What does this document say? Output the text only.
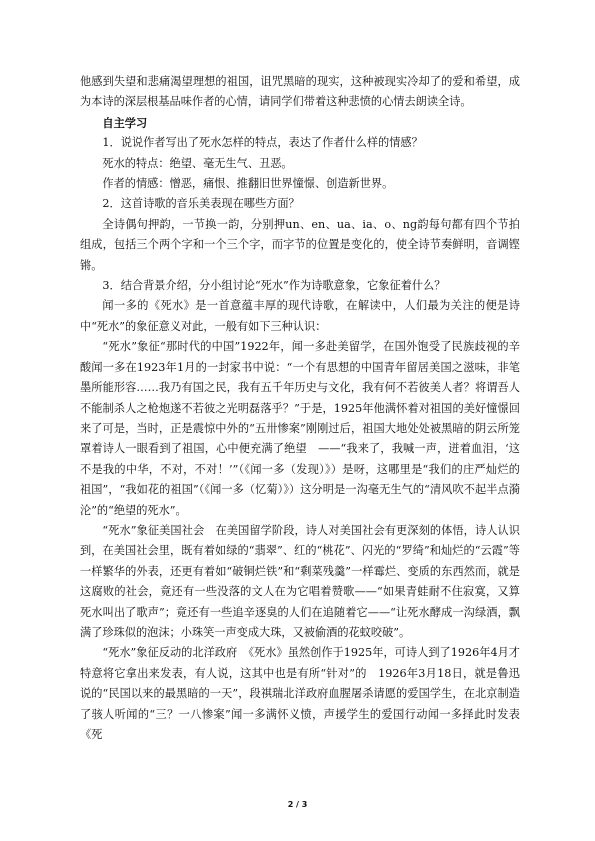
他感到失望和悲痛渴望理想的祖国，诅咒黑暗的现实，这种被现实冷却了的爱和希望，成为本诗的深层根基品味作者的心情，请同学们带着这种悲愤的心情去朗读全诗。

自主学习

1．说说作者写出了死水怎样的特点，表达了作者什么样的情感？

死水的特点：绝望、毫无生气、丑恶。

作者的情感：憎恶，痛恨、推翻旧世界憧憬、创造新世界。

2．这首诗歌的音乐美表现在哪些方面？

全诗偶句押韵，一节换一韵，分别押un、en、ua、ia、o、ng韵每句都有四个节拍组成，包括三个两个字和一个三个字，而字节的位置是变化的，使全诗节奏鲜明，音调铿锵。

3．结合背景介绍，分小组讨论“死水”作为诗歌意象，它象征着什么？

闻一多的《死水》是一首意蕴丰厚的现代诗歌，在解读中，人们最为关注的便是诗中“死水”的象征意义对此，一般有如下三种认识：

“死水”象征“那时代的中国”1922年，闻一多赴美留学，在国外饱受了民族歧视的辛酸闻一多在1923年1月的一封家书中说：“一个有思想的中国青年留居美国之滋味，非笔墨所能形容……我乃有国之民，我有五千年历史与文化，我有何不若彼美人者？将谓吾人不能制杀人之枪炮遂不若彼之光明磊落乎？”于是，1925年他满怀着对祖国的美好憧憬回来了可是，当时，正是震惊中外的“五卅惨案”刚刚过后，祖国大地处处被黑暗的阴云所笼罩着诗人一眼看到了祖国，心中便充满了绝望　——“我来了，我喊一声，迸着血泪，‘这不是我的中华，不对，不对！’”（《闻一多（发现）》）是呀，这哪里是“我们的庄严灿烂的祖国”，“我如花的祖国”（《闻一多（忆菊）》）这分明是一沟毫无生气的“清风吹不起半点漪沦”的“绝望的死水”。

“死水”象征美国社会　在美国留学阶段，诗人对美国社会有更深刻的体悟，诗人认识到，在美国社会里，既有着如绿的“翡翠”、红的“桃花”、闪光的“罗绮”和灿烂的“云霞”等一样繁华的外表，还更有着如“破铜烂铁”和“剩菜残羹”一样霉烂、变质的东西然而，就是这腐败的社会，竟还有一些没落的文人在为它唱着赞歌——“如果青蛙耐不住寂寞，又算死水叫出了歌声”；竟还有一些追辛逐臭的人们在追随着它——“让死水酵成一沟绿酒，飘满了珍珠似的泡沫；小珠笑一声变成大珠，又被偷酒的花蚊咬破”。

“死水”象征反动的北洋政府　《死水》虽然创作于1925年，可诗人到了1926年4月才特意将它拿出来发表，有人说，这其中也是有所“针对”的　1926年3月18日，就是鲁迅说的“民国以来的最黑暗的一天”，段祺瑞北洋政府血腥屠杀请愿的爱国学生，在北京制造了骇人听闻的“三？一八惨案”闻一多满怀义愤，声援学生的爱国行动闻一多择此时发表《死

2 / 3
